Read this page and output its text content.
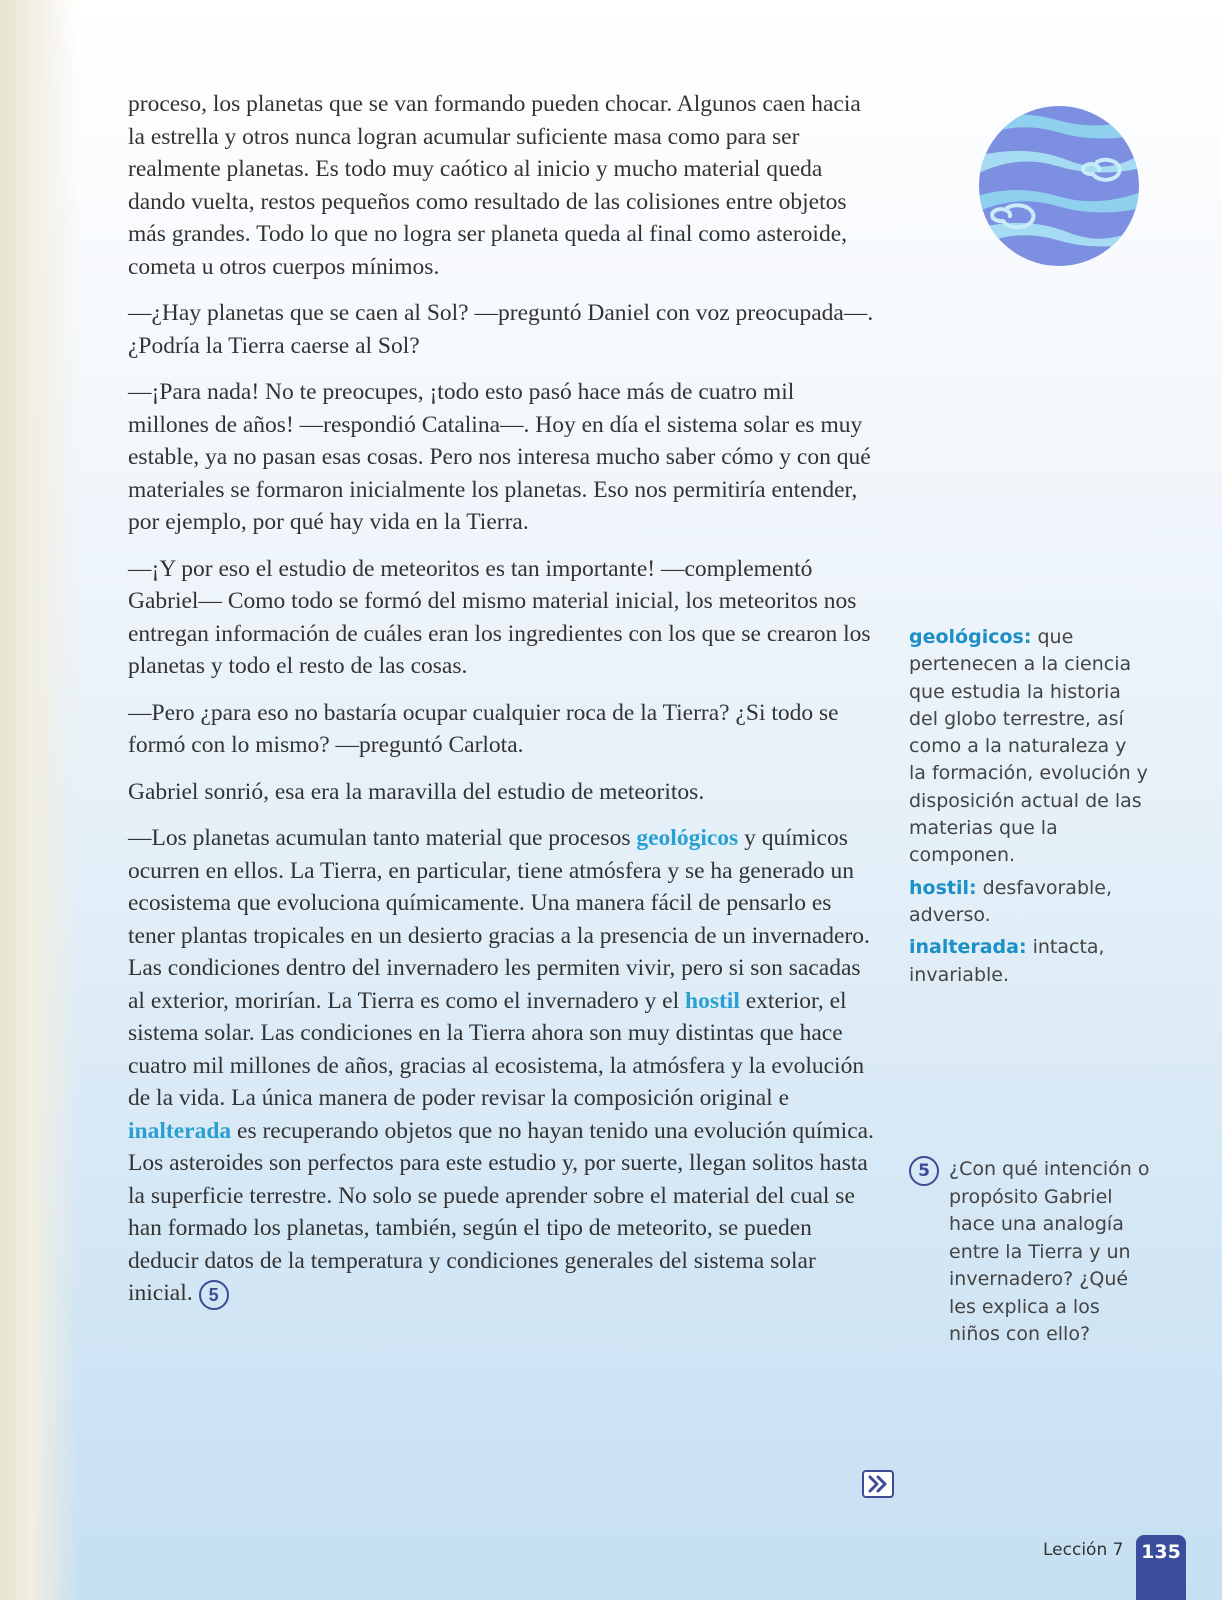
proceso, los planetas que se van formando pueden chocar. Algunos caen hacia la estrella y otros nunca logran acumular suficiente masa como para ser realmente planetas. Es todo muy caótico al inicio y mucho material queda dando vuelta, restos pequeños como resultado de las colisiones entre objetos más grandes. Todo lo que no logra ser planeta queda al final como asteroide, cometa u otros cuerpos mínimos.

—¿Hay planetas que se caen al Sol? —preguntó Daniel con voz preocupada—. ¿Podría la Tierra caerse al Sol?

—¡Para nada! No te preocupes, ¡todo esto pasó hace más de cuatro mil millones de años! —respondió Catalina—. Hoy en día el sistema solar es muy estable, ya no pasan esas cosas. Pero nos interesa mucho saber cómo y con qué materiales se formaron inicialmente los planetas. Eso nos permitiría entender, por ejemplo, por qué hay vida en la Tierra.

—¡Y por eso el estudio de meteoritos es tan importante! —complementó Gabriel— Como todo se formó del mismo material inicial, los meteoritos nos entregan información de cuáles eran los ingredientes con los que se crearon los planetas y todo el resto de las cosas.

—Pero ¿para eso no bastaría ocupar cualquier roca de la Tierra? ¿Si todo se formó con lo mismo? —preguntó Carlota.

Gabriel sonrió, esa era la maravilla del estudio de meteoritos.

—Los planetas acumulan tanto material que procesos geológicos y químicos ocurren en ellos. La Tierra, en particular, tiene atmósfera y se ha generado un ecosistema que evoluciona químicamente. Una manera fácil de pensarlo es tener plantas tropicales en un desierto gracias a la presencia de un invernadero. Las condiciones dentro del invernadero les permiten vivir, pero si son sacadas al exterior, morirían. La Tierra es como el invernadero y el hostil exterior, el sistema solar. Las condiciones en la Tierra ahora son muy distintas que hace cuatro mil millones de años, gracias al ecosistema, la atmósfera y la evolución de la vida. La única manera de poder revisar la composición original e inalterada es recuperando objetos que no hayan tenido una evolución química. Los asteroides son perfectos para este estudio y, por suerte, llegan solitos hasta la superficie terrestre. No solo se puede aprender sobre el material del cual se han formado los planetas, también, según el tipo de meteorito, se pueden deducir datos de la temperatura y condiciones generales del sistema solar inicial. 5

geológicos: que pertenecen a la ciencia que estudia la historia del globo terrestre, así como a la naturaleza y la formación, evolución y disposición actual de las materias que la componen.

hostil: desfavorable, adverso.

inalterada: intacta, invariable.

5	¿Con qué intención o propósito Gabriel hace una analogía entre la Tierra y un invernadero? ¿Qué les explica a los niños con ello?
Lección 7 135
